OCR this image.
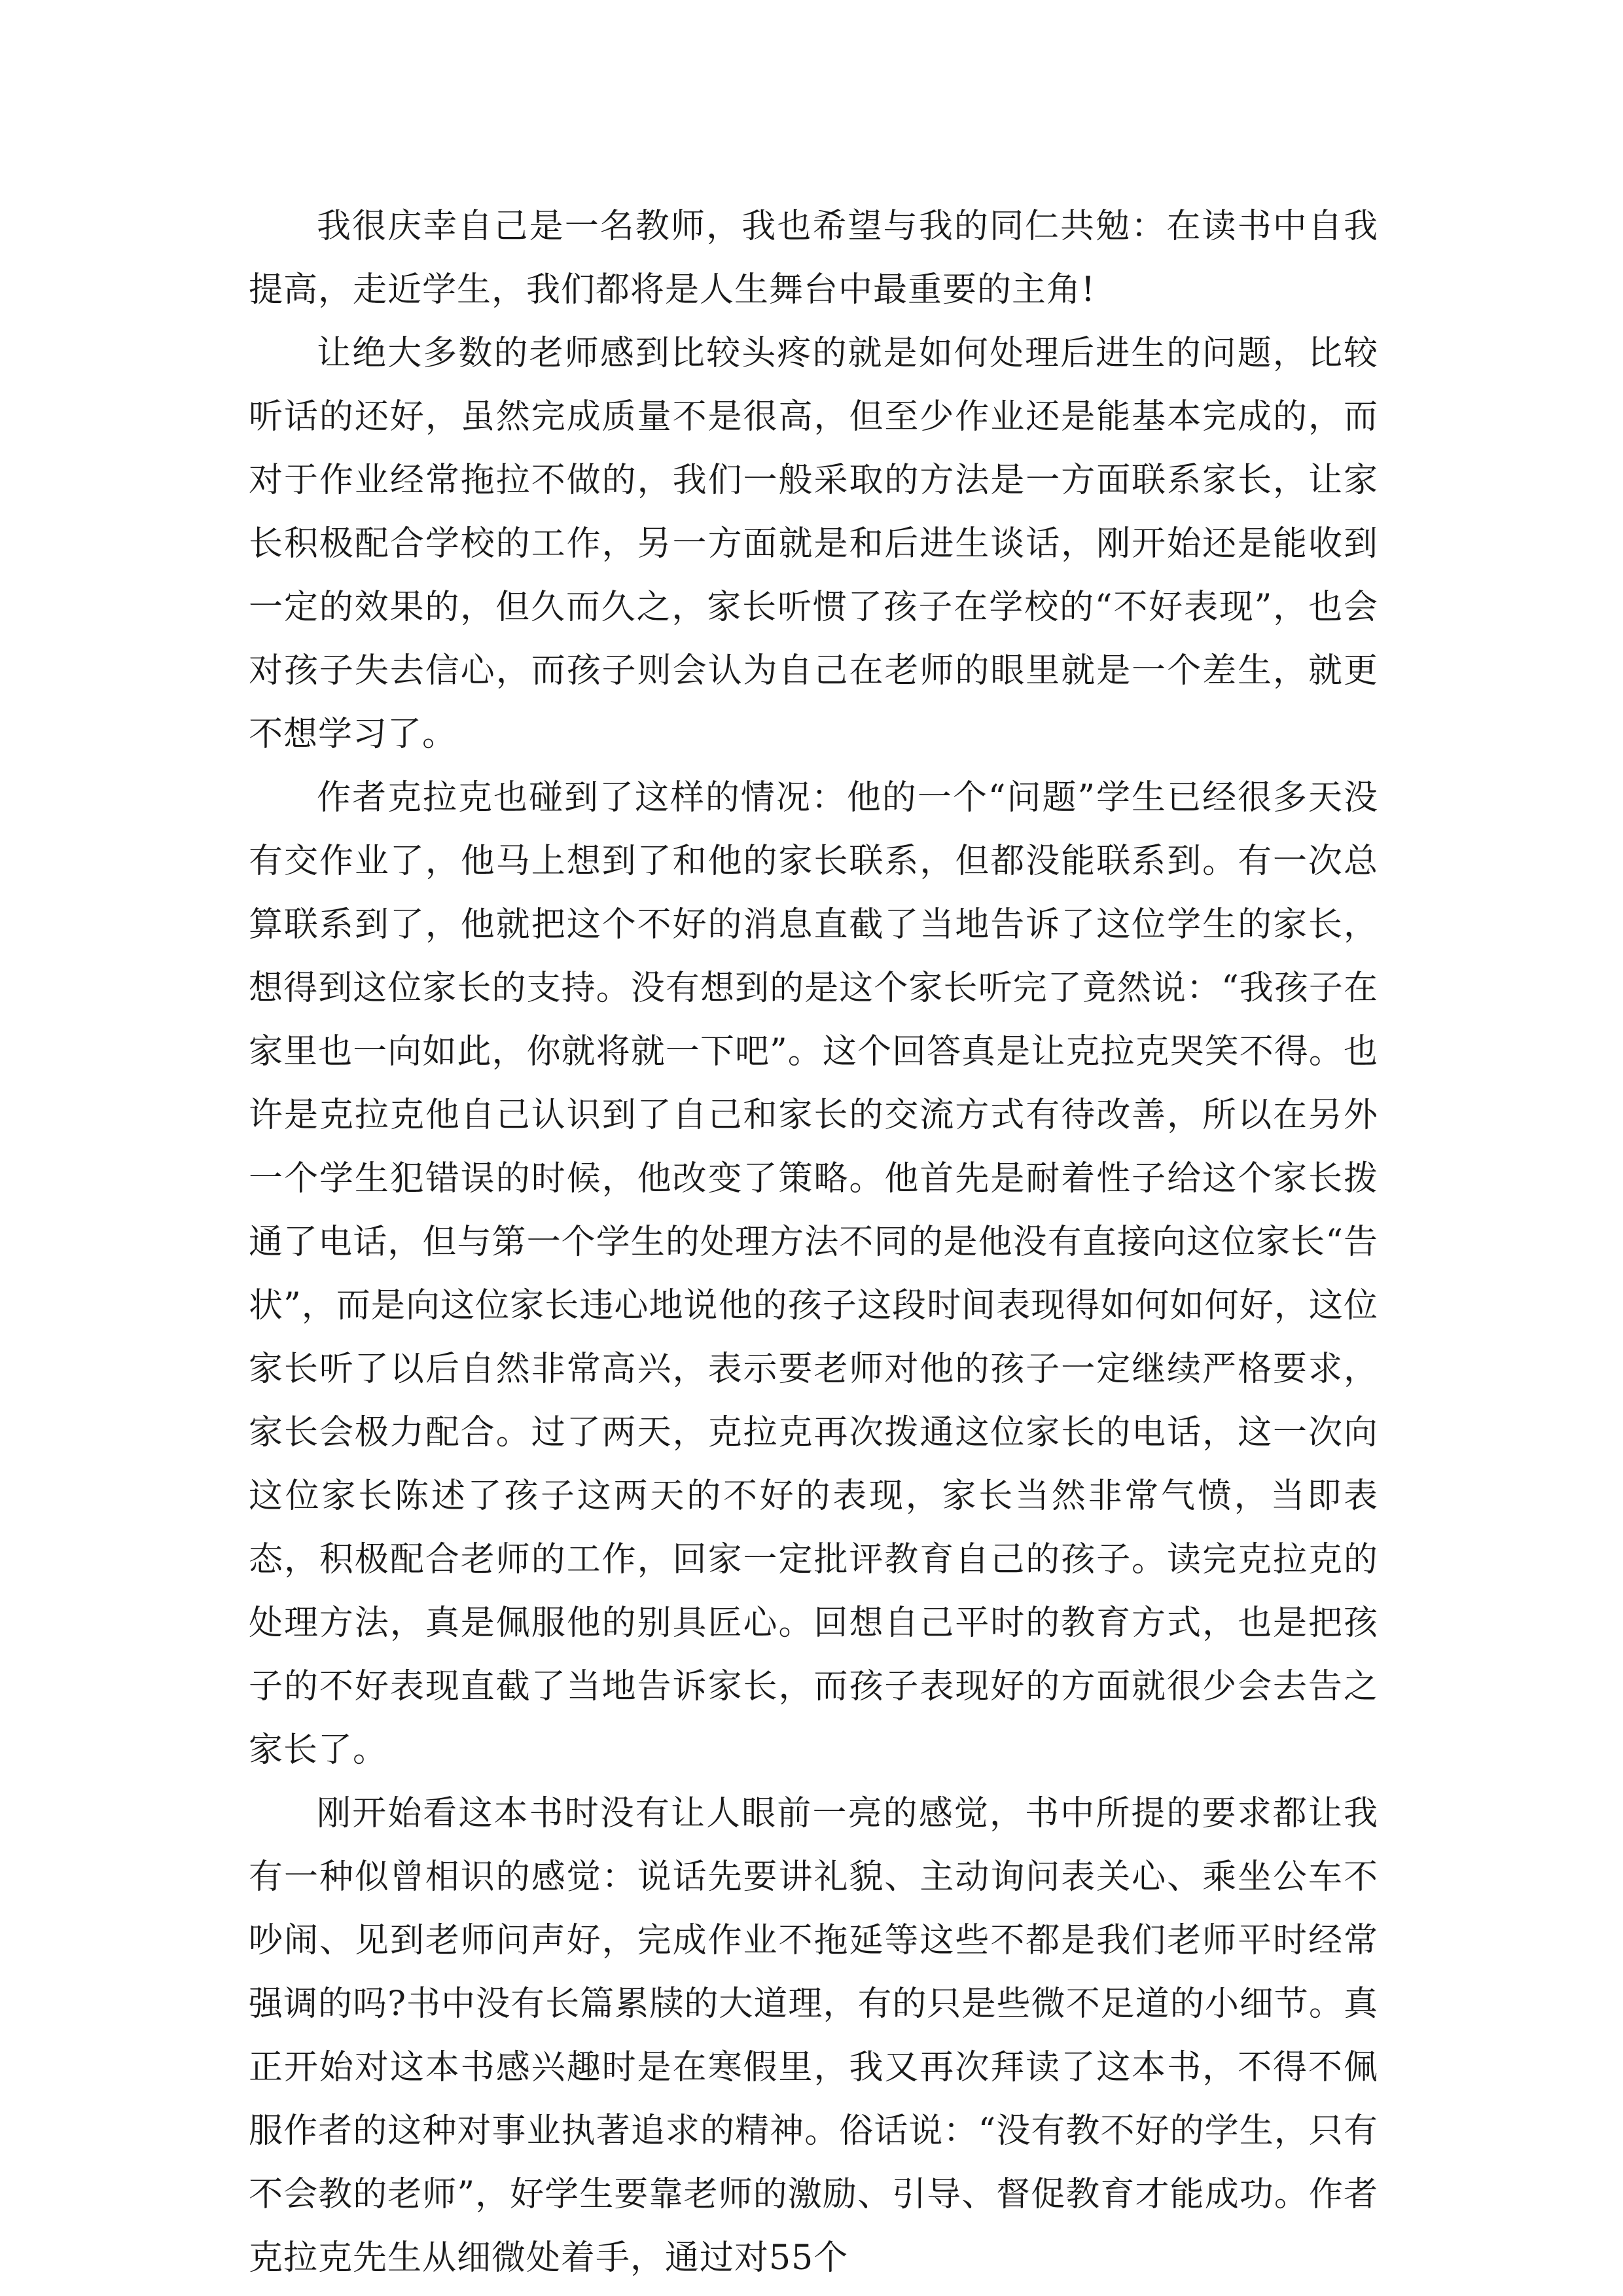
我很庆幸自己是一名教师，我也希望与我的同仁共勉：在读书中自我提高，走近学生，我们都将是人生舞台中最重要的主角!

让绝大多数的老师感到比较头疼的就是如何处理后进生的问题，比较听话的还好，虽然完成质量不是很高，但至少作业还是能基本完成的，而对于作业经常拖拉不做的，我们一般采取的方法是一方面联系家长，让家长积极配合学校的工作，另一方面就是和后进生谈话，刚开始还是能收到一定的效果的，但久而久之，家长听惯了孩子在学校的“不好表现”，也会对孩子失去信心，而孩子则会认为自己在老师的眼里就是一个差生，就更不想学习了。

作者克拉克也碰到了这样的情况：他的一个“问题”学生已经很多天没有交作业了，他马上想到了和他的家长联系，但都没能联系到。有一次总算联系到了，他就把这个不好的消息直截了当地告诉了这位学生的家长，想得到这位家长的支持。没有想到的是这个家长听完了竟然说：“我孩子在家里也一向如此，你就将就一下吧”。这个回答真是让克拉克哭笑不得。也许是克拉克他自己认识到了自己和家长的交流方式有待改善，所以在另外一个学生犯错误的时候，他改变了策略。他首先是耐着性子给这个家长拨通了电话，但与第一个学生的处理方法不同的是他没有直接向这位家长“告状”，而是向这位家长违心地说他的孩子这段时间表现得如何如何好，这位家长听了以后自然非常高兴，表示要老师对他的孩子一定继续严格要求，家长会极力配合。过了两天，克拉克再次拨通这位家长的电话，这一次向这位家长陈述了孩子这两天的不好的表现，家长当然非常气愤，当即表态，积极配合老师的工作，回家一定批评教育自己的孩子。读完克拉克的处理方法，真是佩服他的别具匠心。回想自己平时的教育方式，也是把孩子的不好表现直截了当地告诉家长，而孩子表现好的方面就很少会去告之家长了。

刚开始看这本书时没有让人眼前一亮的感觉，书中所提的要求都让我有一种似曾相识的感觉：说话先要讲礼貌、主动询问表关心、乘坐公车不吵闹、见到老师问声好，完成作业不拖延等这些不都是我们老师平时经常强调的吗?书中没有长篇累牍的大道理，有的只是些微不足道的小细节。真正开始对这本书感兴趣时是在寒假里，我又再次拜读了这本书，不得不佩服作者的这种对事业执著追求的精神。俗话说：“没有教不好的学生，只有不会教的老师”，好学生要靠老师的激励、引导、督促教育才能成功。作者克拉克先生从细微处着手，通过对55个
